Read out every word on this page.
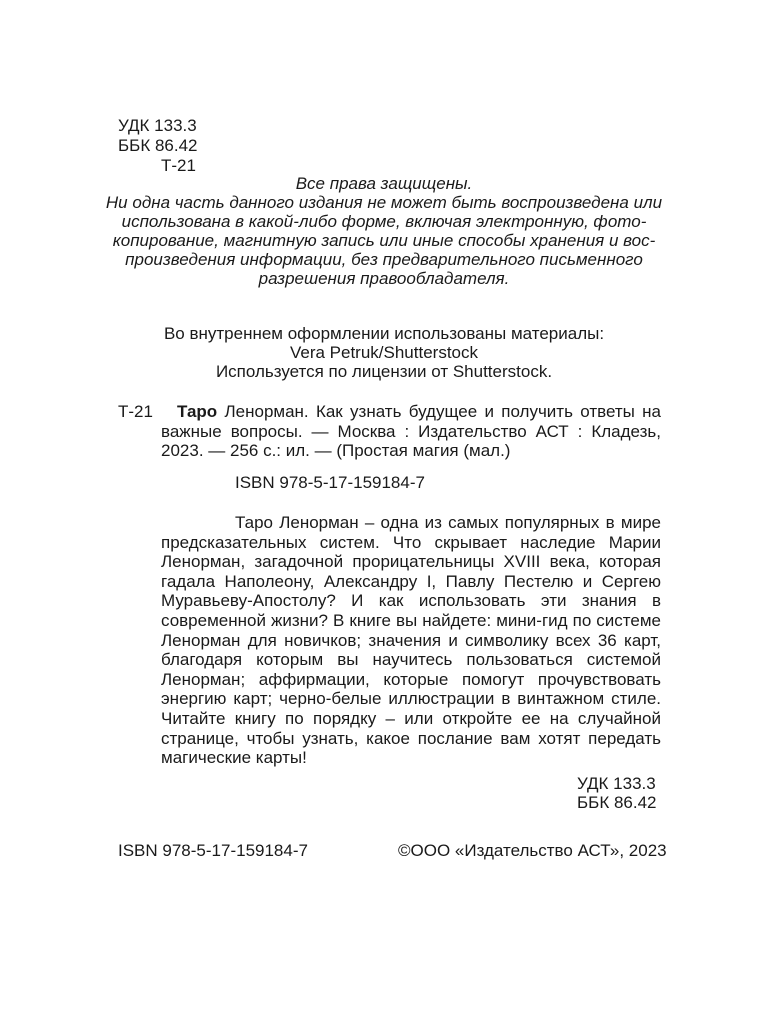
УДК 133.3
ББК 86.42
Т-21
Все права защищены.
Ни одна часть данного издания не может быть воспроизведена или
использована в какой-либо форме, включая электронную, фото-
копирование, магнитную запись или иные способы хранения и вос-
произведения информации, без предварительного письменного
разрешения правообладателя.
Во внутреннем оформлении использованы материалы:
Vera Petruk/Shutterstock
Используется по лицензии от Shutterstock.
Т-21	Таро Ленорман. Как узнать будущее и получить ответы на важные вопросы. — Москва : Издательство АСТ : Кладезь, 2023. — 256 с.: ил. — (Простая магия (мал.)
ISBN 978-5-17-159184-7
Таро Ленорман – одна из самых популярных в мире предсказательных систем. Что скрывает наследие Марии Ленорман, загадочной прорицательницы XVIII века, которая гадала Наполеону, Александру I, Павлу Пестелю и Сергею Муравьеву-Апостолу? И как использовать эти знания в современной жизни? В книге вы найдете: мини-гид по системе Ленорман для новичков; значения и символику всех 36 карт, благодаря которым вы научитесь пользоваться системой Ленорман; аффирмации, которые помогут прочувствовать энергию карт; черно-белые иллюстрации в винтажном стиле. Читайте книгу по порядку – или откройте ее на случайной странице, чтобы узнать, какое послание вам хотят передать магические карты!
УДК 133.3
ББК 86.42
ISBN 978-5-17-159184-7	©ООО «Издательство АСТ», 2023
